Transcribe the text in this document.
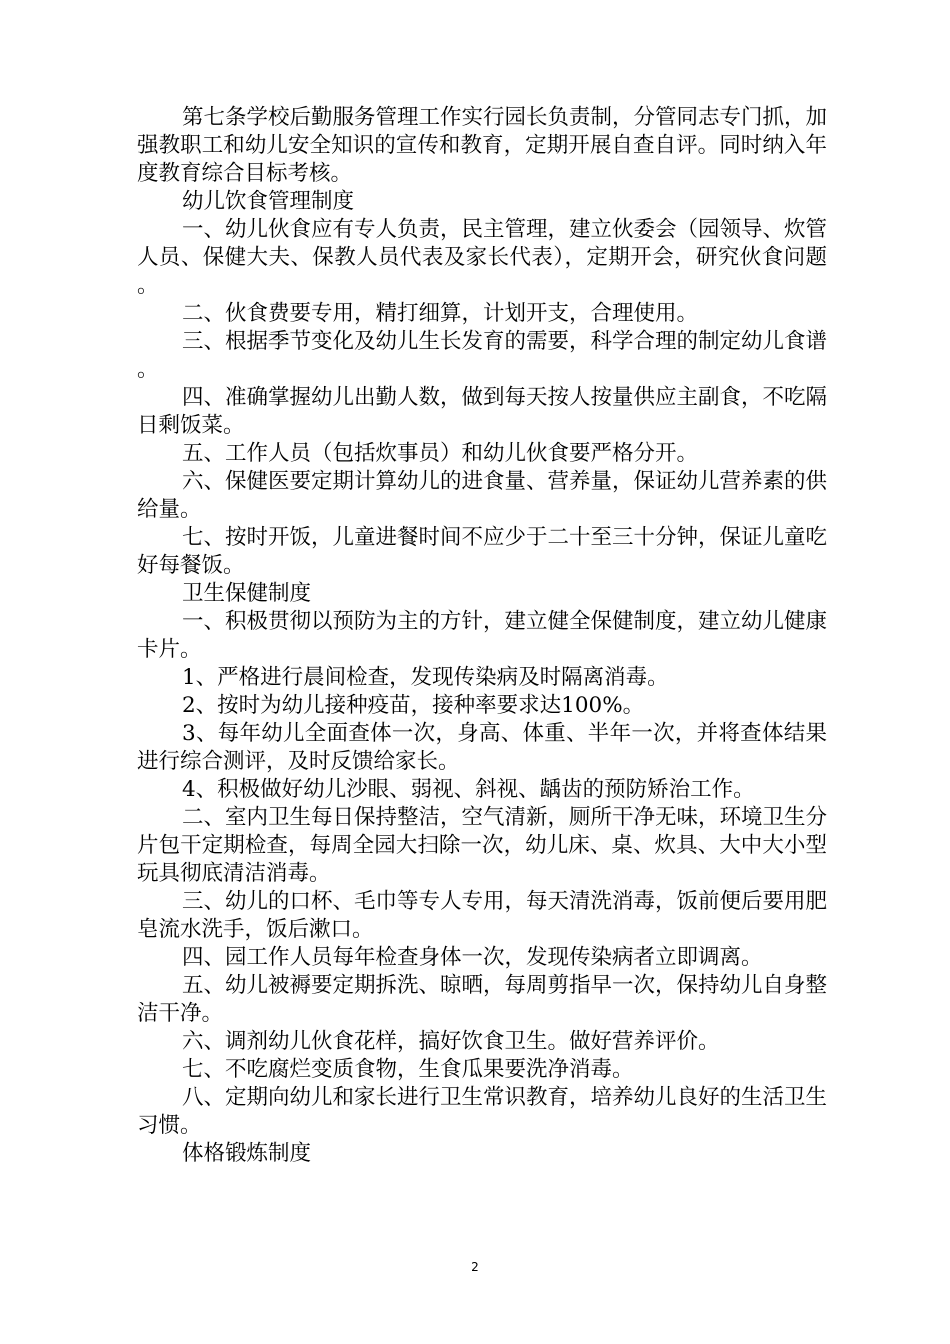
第七条学校后勤服务管理工作实行园长负责制，分管同志专门抓，加强教职工和幼儿安全知识的宣传和教育，定期开展自查自评。同时纳入年度教育综合目标考核。

幼儿饮食管理制度

一、幼儿伙食应有专人负责，民主管理，建立伙委会（园领导、炊管人员、保健大夫、保教人员代表及家长代表），定期开会，研究伙食问题。

二、伙食费要专用，精打细算，计划开支，合理使用。

三、根据季节变化及幼儿生长发育的需要，科学合理的制定幼儿食谱。

四、准确掌握幼儿出勤人数，做到每天按人按量供应主副食，不吃隔日剩饭菜。

五、工作人员（包括炊事员）和幼儿伙食要严格分开。

六、保健医要定期计算幼儿的进食量、营养量，保证幼儿营养素的供给量。

七、按时开饭，儿童进餐时间不应少于二十至三十分钟，保证儿童吃好每餐饭。

卫生保健制度

一、积极贯彻以预防为主的方针，建立健全保健制度，建立幼儿健康卡片。

1、严格进行晨间检查，发现传染病及时隔离消毒。

2、按时为幼儿接种疫苗，接种率要求达100%。

3、每年幼儿全面查体一次，身高、体重、半年一次，并将查体结果进行综合测评，及时反馈给家长。

4、积极做好幼儿沙眼、弱视、斜视、龋齿的预防矫治工作。

二、室内卫生每日保持整洁，空气清新，厕所干净无味，环境卫生分片包干定期检查，每周全园大扫除一次，幼儿床、桌、炊具、大中大小型玩具彻底清洁消毒。

三、幼儿的口杯、毛巾等专人专用，每天清洗消毒，饭前便后要用肥皂流水洗手，饭后漱口。

四、园工作人员每年检查身体一次，发现传染病者立即调离。

五、幼儿被褥要定期拆洗、晾晒，每周剪指早一次，保持幼儿自身整洁干净。

六、调剂幼儿伙食花样，搞好饮食卫生。做好营养评价。

七、不吃腐烂变质食物，生食瓜果要洗净消毒。

八、定期向幼儿和家长进行卫生常识教育，培养幼儿良好的生活卫生习惯。

体格锻炼制度

2
